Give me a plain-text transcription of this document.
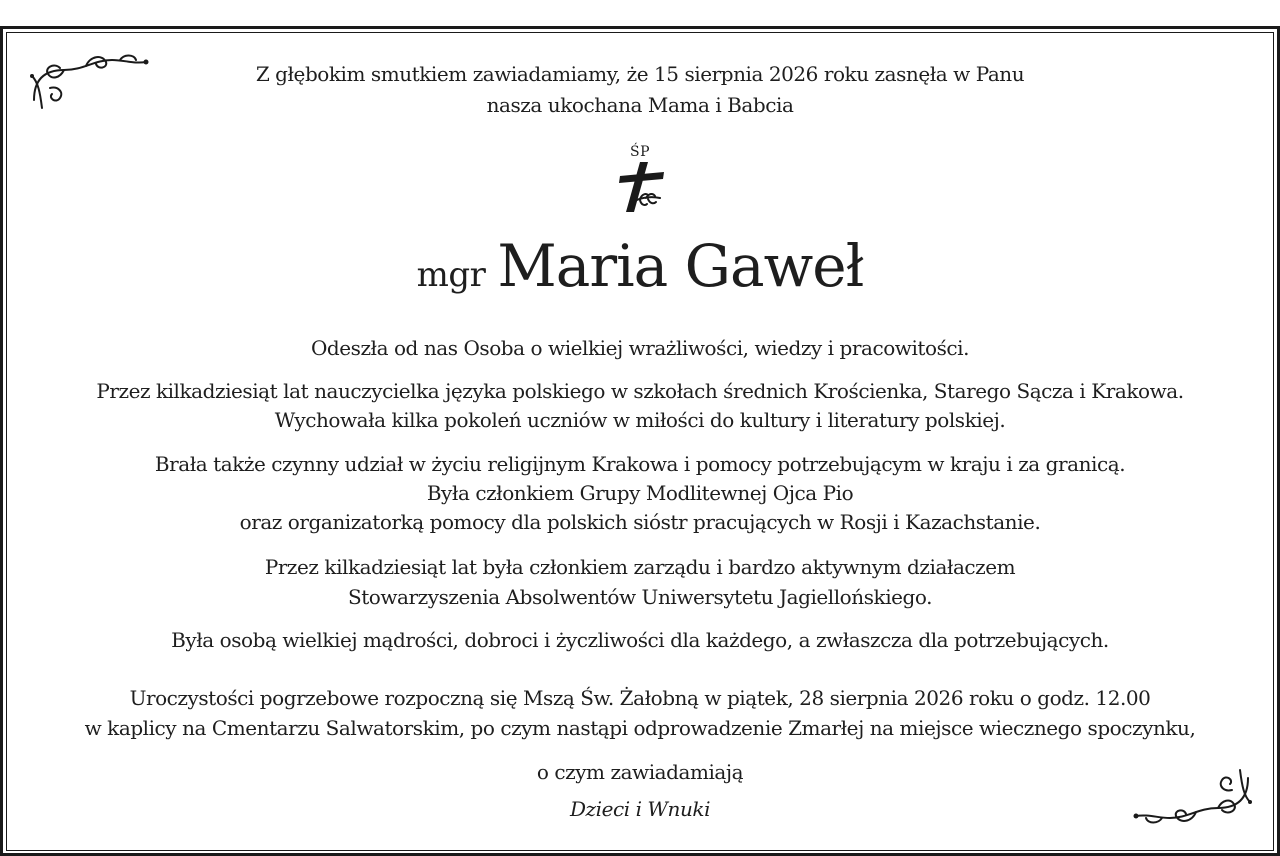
Z głębokim smutkiem zawiadamiamy, że 15 sierpnia 2026 roku zasnęła w Panu
nasza ukochana Mama i Babcia
ŚP
mgr Maria Gaweł
Odeszła od nas Osoba o wielkiej wrażliwości, wiedzy i pracowitości.
Przez kilkadziesiąt lat nauczycielka języka polskiego w szkołach średnich Krościenka, Starego Sącza i Krakowa.
Wychowała kilka pokoleń uczniów w miłości do kultury i literatury polskiej.
Brała także czynny udział w życiu religijnym Krakowa i pomocy potrzebującym w kraju i za granicą.
Była członkiem Grupy Modlitewnej Ojca Pio
oraz organizatorką pomocy dla polskich sióstr pracujących w Rosji i Kazachstanie.
Przez kilkadziesiąt lat była członkiem zarządu i bardzo aktywnym działaczem
Stowarzyszenia Absolwentów Uniwersytetu Jagiellońskiego.
Była osobą wielkiej mądrości, dobroci i życzliwości dla każdego, a zwłaszcza dla potrzebujących.
Uroczystości pogrzebowe rozpoczną się Mszą Św. Żałobną w piątek, 28 sierpnia 2026 roku o godz. 12.00
w kaplicy na Cmentarzu Salwatorskim, po czym nastąpi odprowadzenie Zmarłej na miejsce wiecznego spoczynku,
o czym zawiadamiają
Dzieci i Wnuki
